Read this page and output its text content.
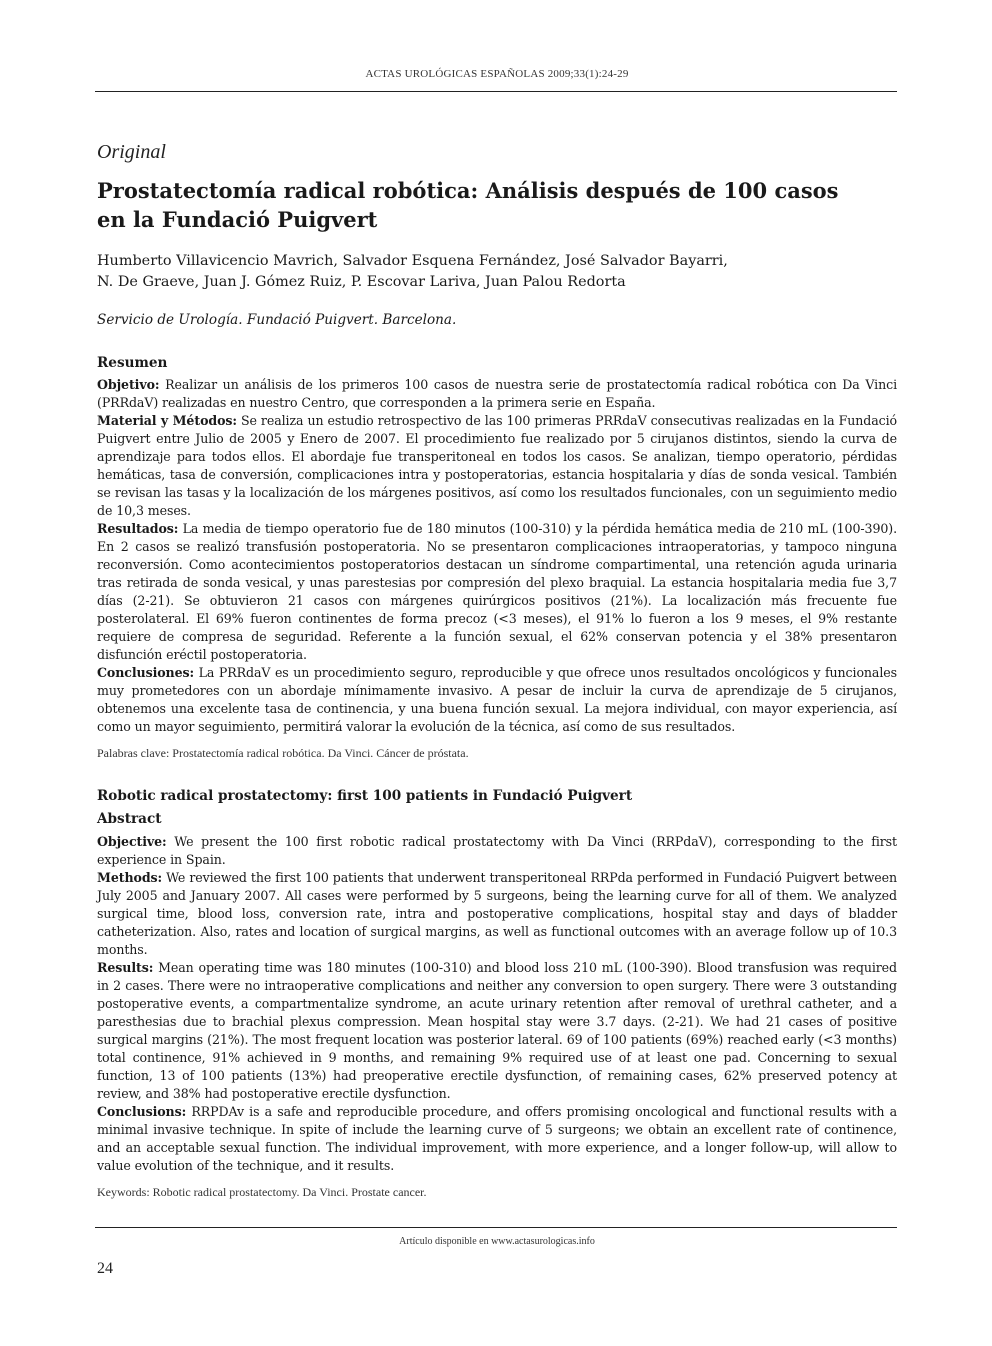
ACTAS UROLÓGICAS ESPAÑOLAS 2009;33(1):24-29
Original
Prostatectomía radical robótica: Análisis después de 100 casos
en la Fundació Puigvert
Humberto Villavicencio Mavrich, Salvador Esquena Fernández, José Salvador Bayarri,
N. De Graeve, Juan J. Gómez Ruiz, P. Escovar Lariva, Juan Palou Redorta
Servicio de Urología. Fundació Puigvert. Barcelona.
Resumen

Objetivo: Realizar un análisis de los primeros 100 casos de nuestra serie de prostatectomía radical robótica con Da Vinci (PRRdaV) realizadas en nuestro Centro, que corresponden a la primera serie en España.

Material y Métodos: Se realiza un estudio retrospectivo de las 100 primeras PRRdaV consecutivas realizadas en la Fundació Puigvert entre Julio de 2005 y Enero de 2007. El procedimiento fue realizado por 5 cirujanos distintos, siendo la curva de aprendizaje para todos ellos. El abordaje fue transperitoneal en todos los casos. Se analizan, tiempo operatorio, pérdidas hemáticas, tasa de conversión, complicaciones intra y postoperatorias, estancia hospitalaria y días de sonda vesical. También se revisan las tasas y la localización de los márgenes positivos, así como los resultados funcionales, con un seguimiento medio de 10,3 meses.

Resultados: La media de tiempo operatorio fue de 180 minutos (100-310) y la pérdida hemática media de 210 mL (100-390). En 2 casos se realizó transfusión postoperatoria. No se presentaron complicaciones intraoperatorias, y tampoco ninguna reconversión. Como acontecimientos postoperatorios destacan un síndrome compartimental, una retención aguda urinaria tras retirada de sonda vesical, y unas parestesias por compresión del plexo braquial. La estancia hospitalaria media fue 3,7 días (2-21). Se obtuvieron 21 casos con márgenes quirúrgicos positivos (21%). La localización más frecuente fue posterolateral. El 69% fueron continentes de forma precoz (<3 meses), el 91% lo fueron a los 9 meses, el 9% restante requiere de compresa de seguridad. Referente a la función sexual, el 62% conservan potencia y el 38% presentaron disfunción eréctil postoperatoria.

Conclusiones: La PRRdaV es un procedimiento seguro, reproducible y que ofrece unos resultados oncológicos y funcionales muy prometedores con un abordaje mínimamente invasivo. A pesar de incluir la curva de aprendizaje de 5 cirujanos, obtenemos una excelente tasa de continencia, y una buena función sexual. La mejora individual, con mayor experiencia, así como un mayor seguimiento, permitirá valorar la evolución de la técnica, así como de sus resultados.

Palabras clave: Prostatectomía radical robótica. Da Vinci. Cáncer de próstata.
Robotic radical prostatectomy: first 100 patients in Fundació Puigvert
Abstract

Objective: We present the 100 first robotic radical prostatectomy with Da Vinci (RRPdaV), corresponding to the first experience in Spain.

Methods: We reviewed the first 100 patients that underwent transperitoneal RRPda performed in Fundació Puigvert between July 2005 and January 2007. All cases were performed by 5 surgeons, being the learning curve for all of them. We analyzed surgical time, blood loss, conversion rate, intra and postoperative complications, hospital stay and days of bladder catheterization. Also, rates and location of surgical margins, as well as functional outcomes with an average follow up of 10.3 months.

Results: Mean operating time was 180 minutes (100-310) and blood loss 210 mL (100-390). Blood transfusion was required in 2 cases. There were no intraoperative complications and neither any conversion to open surgery. There were 3 outstanding postoperative events, a compartmentalize syndrome, an acute urinary retention after removal of urethral catheter, and a paresthesias due to brachial plexus compression. Mean hospital stay were 3.7 days. (2-21). We had 21 cases of positive surgical margins (21%). The most frequent location was posterior lateral. 69 of 100 patients (69%) reached early (<3 months) total continence, 91% achieved in 9 months, and remaining 9% required use of at least one pad. Concerning to sexual function, 13 of 100 patients (13%) had preoperative erectile dysfunction, of remaining cases, 62% preserved potency at review, and 38% had postoperative erectile dysfunction.

Conclusions: RRPDAv is a safe and reproducible procedure, and offers promising oncological and functional results with a minimal invasive technique. In spite of include the learning curve of 5 surgeons; we obtain an excellent rate of continence, and an acceptable sexual function. The individual improvement, with more experience, and a longer follow-up, will allow to value evolution of the technique, and it results.

Keywords: Robotic radical prostatectomy. Da Vinci. Prostate cancer.
Artículo disponible en www.actasurologicas.info
24
